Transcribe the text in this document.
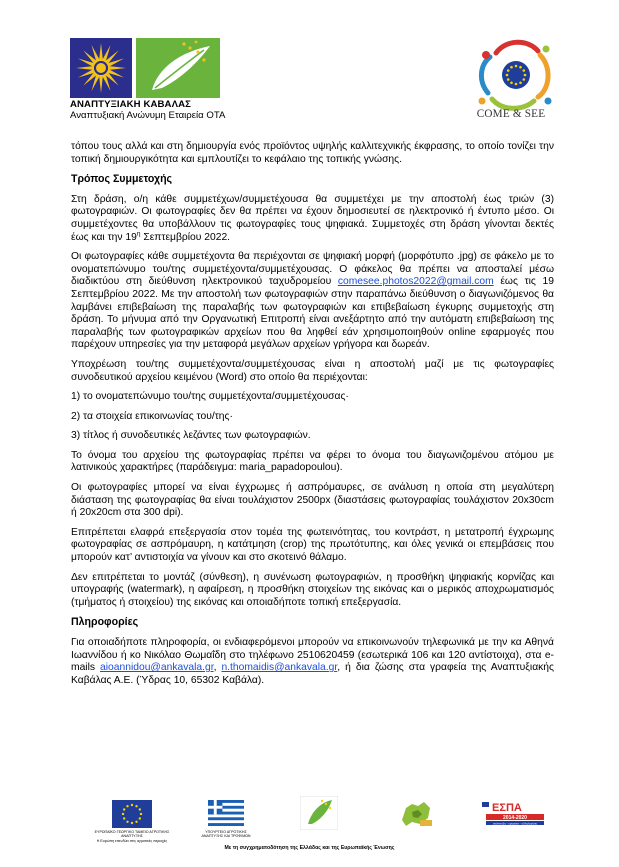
ΑΝΑΠΤΥΞΙΑΚΗ ΚΑΒΑΛΑΣ
Αναπτυξιακή Ανώνυμη Εταιρεία ΟΤΑ	COME & SEE

τόπου τους αλλά και στη δημιουργία ενός προϊόντος υψηλής καλλιτεχνικής έκφρασης, το οποίο τονίζει την τοπική δημιουργικότητα και εμπλουτίζει το κεφάλαιο της τοπικής γνώσης.

Τρόπος Συμμετοχής

Στη δράση, ο/η κάθε συμμετέχων/συμμετέχουσα θα συμμετέχει με την αποστολή έως τριών (3) φωτογραφιών. Οι φωτογραφίες δεν θα πρέπει να έχουν δημοσιευτεί σε ηλεκτρονικό ή έντυπο μέσο. Οι συμμετέχοντες θα υποβάλλουν τις φωτογραφίες τους ψηφιακά. Συμμετοχές στη δράση γίνονται δεκτές έως και την $19^\eta$ Σεπτεμβρίου 2022.

Οι φωτογραφίες κάθε συμμετέχοντα θα περιέχονται σε ψηφιακή μορφή (μορφότυπο .jpg) σε φάκελο με το ονοματεπώνυμο του/της συμμετέχοντα/συμμετέχουσας. Ο φάκελος θα πρέπει να αποσταλεί μέσω διαδικτύου στη διεύθυνση ηλεκτρονικού ταχυδρομείου comesee.photos2022@gmail.com έως τις 19 Σεπτεμβρίου 2022. Με την αποστολή των φωτογραφιών στην παραπάνω διεύθυνση ο διαγωνιζόμενος θα λαμβάνει επιβεβαίωση της παραλαβής των φωτογραφιών και επιβεβαίωση έγκυρης συμμετοχής στη δράση. Το μήνυμα από την Οργανωτική Επιτροπή είναι ανεξάρτητο από την αυτόματη επιβεβαίωση της παραλαβής των φωτογραφικών αρχείων που θα ληφθεί εάν χρησιμοποιηθούν online εφαρμογές που παρέχουν υπηρεσίες για την μεταφορά μεγάλων αρχείων γρήγορα και δωρεάν.

Υποχρέωση του/της συμμετέχοντα/συμμετέχουσας είναι η αποστολή μαζί με τις φωτογραφίες συνοδευτικού αρχείου κειμένου (Word) στο οποίο θα περιέχονται:

1) το ονοματεπώνυμο του/της συμμετέχοντα/συμμετέχουσας·

2) τα στοιχεία επικοινωνίας του/της·

3) τίτλος ή συνοδευτικές λεζάντες των φωτογραφιών.

Το όνομα του αρχείου της φωτογραφίας πρέπει να φέρει το όνομα του διαγωνιζομένου ατόμου με λατινικούς χαρακτήρες (παράδειγμα: maria_papadopoulou).

Οι φωτογραφίες μπορεί να είναι έγχρωμες ή ασπρόμαυρες, σε ανάλυση η οποία στη μεγαλύτερη διάσταση της φωτογραφίας θα είναι τουλάχιστον 2500px (διαστάσεις φωτογραφίας τουλάχιστον 20x30cm ή 20x20cm στα 300 dpi).

Επιτρέπεται ελαφρά επεξεργασία στον τομέα της φωτεινότητας, του κοντράστ, η μετατροπή έγχρωμης φωτογραφίας σε ασπρόμαυρη, η κατάτμηση (crop) της πρωτότυπης, και όλες γενικά οι επεμβάσεις που μπορούν κατ’ αντιστοιχία να γίνουν και στο σκοτεινό θάλαμο.

Δεν επιτρέπεται το μοντάζ (σύνθεση), η συνένωση φωτογραφιών, η προσθήκη ψηφιακής κορνίζας και υπογραφής (watermark), η αφαίρεση, η προσθήκη στοιχείων της εικόνας και ο μερικός αποχρωματισμός (τμήματος ή στοιχείου) της εικόνας και οποιαδήποτε τοπική επεξεργασία.

Πληροφορίες

Για οποιαδήποτε πληροφορία, οι ενδιαφερόμενοι μπορούν να επικοινωνούν τηλεφωνικά με την κα Αθηνά Ιωαννίδου ή κο Νικόλαο Θωμαΐδη στο τηλέφωνο 2510620459 (εσωτερικά 106 και 120 αντίστοιχα), στα e-mails aioannidou@ankavala.gr, n.thomaidis@ankavala.gr, ή δια ζώσης στα γραφεία της Αναπτυξιακής Καβάλας Α.Ε. (Ύδρας 10, 65302 Καβάλα).

ΕΥΡΩΠΑΪΚΟ ΓΕΩΡΓΙΚΟ ΤΑΜΕΙΟ ΑΓΡΟΤΙΚΗΣ ΑΝΑΠΤΥΞΗΣ
Η Ευρώπη επενδύει στις αγροτικές περιοχές
ΥΠΟΥΡΓΕΙΟ ΑΓΡΟΤΙΚΗΣ
ΑΝΑΠΤΥΞΗΣ ΚΑΙ ΤΡΟΦΙΜΩΝ
ΕΣΠΑ
2014-2020
ανάπτυξη - εργασία - αλληλεγγύη
Με τη συγχρηματοδότηση της Ελλάδας και της Ευρωπαϊκής Ένωσης
